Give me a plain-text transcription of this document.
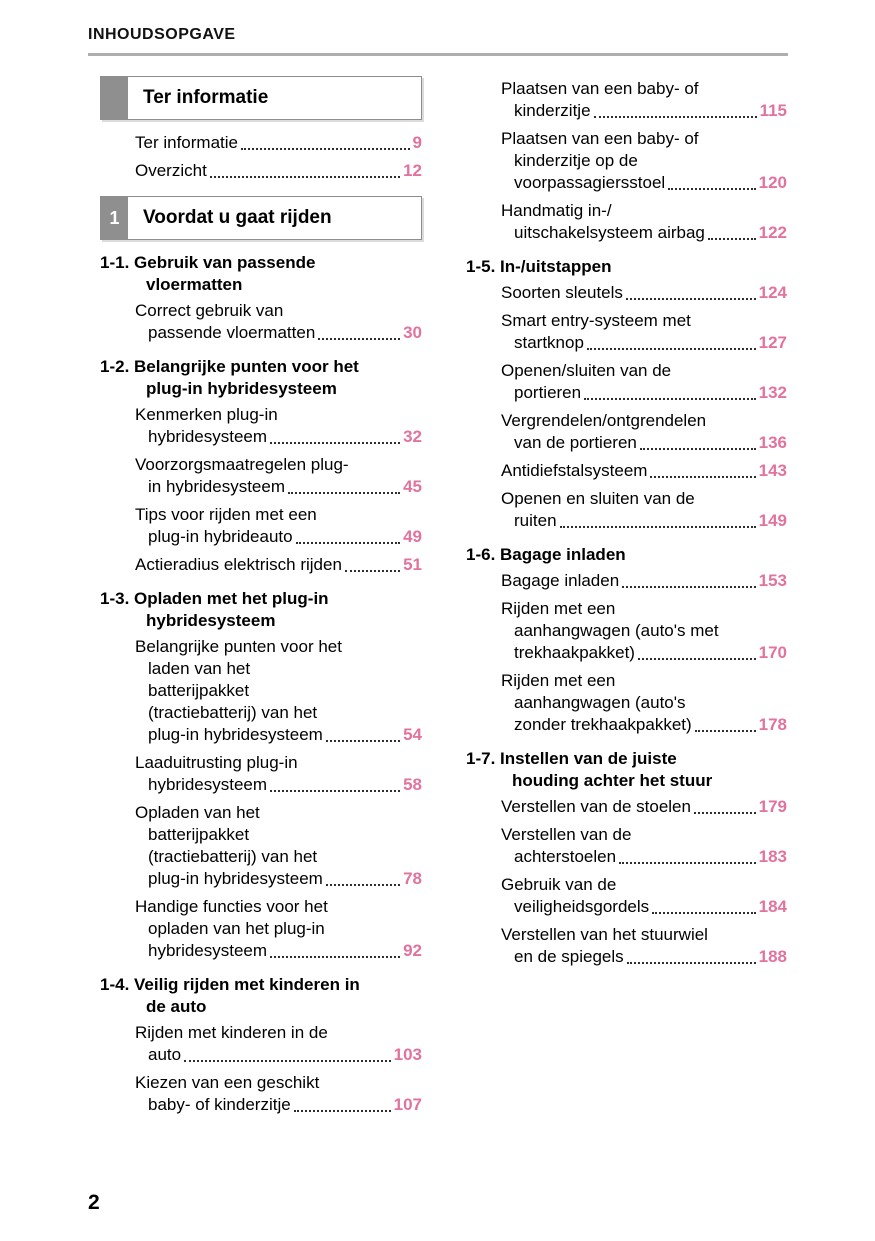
INHOUDSOPGAVE
Ter informatie
Ter informatie	9
Overzicht	12
1	Voordat u gaat rijden
1-1. Gebruik van passende
vloermatten
Correct gebruik van
passende vloermatten	30
1-2. Belangrijke punten voor het
plug-in hybridesysteem
Kenmerken plug-in
hybridesysteem	32
Voorzorgsmaatregelen plug-
in hybridesysteem	45
Tips voor rijden met een
plug-in hybrideauto	49
Actieradius elektrisch rijden	51
1-3. Opladen met het plug-in
hybridesysteem
Belangrijke punten voor het
laden van het
batterijpakket
(tractiebatterij) van het
plug-in hybridesysteem	54
Laaduitrusting plug-in
hybridesysteem	58
Opladen van het
batterijpakket
(tractiebatterij) van het
plug-in hybridesysteem	78
Handige functies voor het
opladen van het plug-in
hybridesysteem	92
1-4. Veilig rijden met kinderen in
de auto
Rijden met kinderen in de
auto	103
Kiezen van een geschikt
baby- of kinderzitje	107
Plaatsen van een baby- of
kinderzitje	115
Plaatsen van een baby- of
kinderzitje op de
voorpassagiersstoel	120
Handmatig in-/
uitschakelsysteem airbag	122
1-5. In-/uitstappen
Soorten sleutels	124
Smart entry-systeem met
startknop	127
Openen/sluiten van de
portieren	132
Vergrendelen/ontgrendelen
van de portieren	136
Antidiefstalsysteem	143
Openen en sluiten van de
ruiten	149
1-6. Bagage inladen
Bagage inladen	153
Rijden met een
aanhangwagen (auto's met
trekhaakpakket)	170
Rijden met een
aanhangwagen (auto's
zonder trekhaakpakket)	178
1-7. Instellen van de juiste
houding achter het stuur
Verstellen van de stoelen	179
Verstellen van de
achterstoelen	183
Gebruik van de
veiligheidsgordels	184
Verstellen van het stuurwiel
en de spiegels	188
2
